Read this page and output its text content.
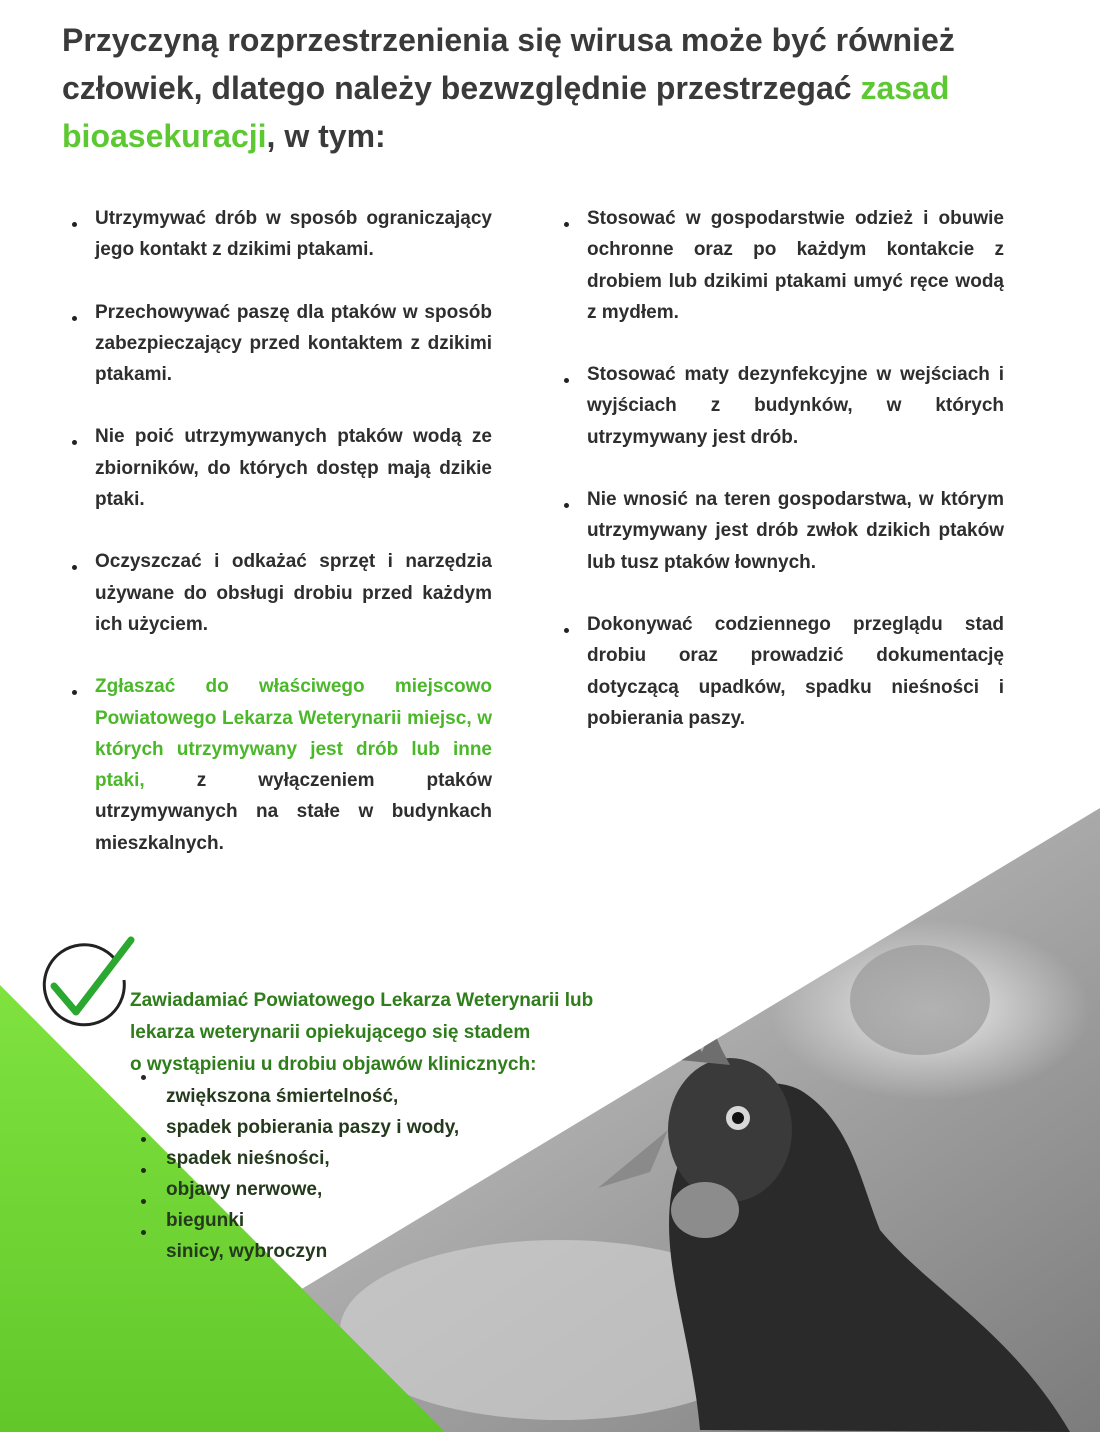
Przyczyną rozprzestrzenienia się wirusa może być również człowiek, dlatego należy bezwzględnie przestrzegać zasad bioasekuracji, w tym:
Utrzymywać drób w sposób ograniczający jego kontakt z dzikimi ptakami.
Przechowywać paszę dla ptaków w sposób zabezpieczający przed kontaktem z dzikimi ptakami.
Nie poić utrzymywanych ptaków wodą ze zbiorników, do których dostęp mają dzikie ptaki.
Oczyszczać i odkażać sprzęt i narzędzia używane do obsługi drobiu przed każdym ich użyciem.
Zgłaszać do właściwego miejscowo Powiatowego Lekarza Weterynarii miejsc, w których utrzymywany jest drób lub inne ptaki, z wyłączeniem ptaków utrzymywanych na stałe w budynkach mieszkalnych.
Stosować w gospodarstwie odzież i obuwie ochronne oraz po każdym kontakcie z drobiem lub dzikimi ptakami umyć ręce wodą z mydłem.
Stosować maty dezynfekcyjne w wejściach i wyjściach z budynków, w których utrzymywany jest drób.
Nie wnosić na teren gospodarstwa, w którym utrzymywany jest drób zwłok dzikich ptaków lub tusz ptaków łownych.
Dokonywać codziennego przeglądu stad drobiu oraz prowadzić dokumentację dotyczącą upadków, spadku nieśności i pobierania paszy.

Zawiadamiać Powiatowego Lekarza Weterynarii lub

lekarza weterynarii opiekującego się stadem

o wystąpieniu u drobiu objawów klinicznych:

zwiększona śmiertelność,
spadek pobierania paszy i wody,
spadek nieśności,
objawy nerwowe,
biegunki
sinicy, wybroczyn
